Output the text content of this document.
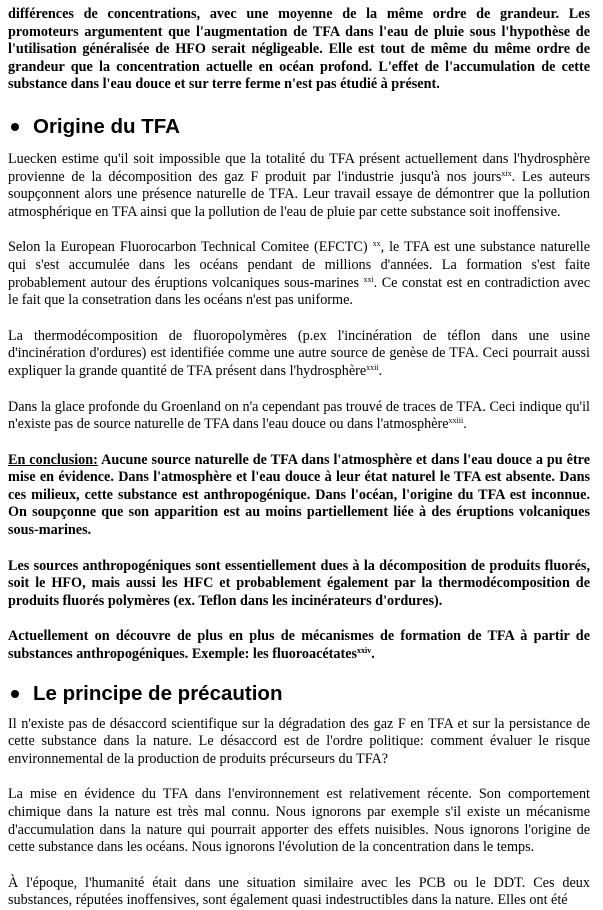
différences de concentrations, avec une moyenne de la même ordre de grandeur. Les promoteurs argumentent que l'augmentation de TFA dans l'eau de pluie sous l'hypothèse de l'utilisation généralisée de HFO serait négligeable. Elle est tout de même du même ordre de grandeur que la concentration actuelle en océan profond. L'effet de l'accumulation de cette substance dans l'eau douce et sur terre ferme n'est pas étudié à présent.

Origine du TFA

Luecken estime qu'il soit impossible que la totalité du TFA présent actuellement dans l'hydrosphère provienne de la décomposition des gaz F produit par l'industrie jusqu'à nos jours$^{xix}$. Les auteurs soupçonnent alors une présence naturelle de TFA. Leur travail essaye de démontrer que la pollution atmosphérique en TFA ainsi que la pollution de l'eau de pluie par cette substance soit inoffensive.

Selon la European Fluorocarbon Technical Comitee (EFCTC) $^{xx}$, le TFA est une substance naturelle qui s'est accumulée dans les océans pendant de millions d'années. La formation s'est faite probablement autour des éruptions volcaniques sous-marines $^{xxi}$. Ce constat est en contradiction avec le fait que la consetration dans les océans n'est pas uniforme.

La thermodécomposition de fluoropolymères (p.ex l'incinération de téflon dans une usine d'incinération d'ordures) est identifiée comme une autre source de genèse de TFA. Ceci pourrait aussi expliquer la grande quantité de TFA présent dans l'hydrosphère$^{xxii}$.

Dans la glace profonde du Groenland on n'a cependant pas trouvé de traces de TFA. Ceci indique qu'il n'existe pas de source naturelle de TFA dans l'eau douce ou dans l'atmosphère$^{xxiii}$.

En conclusion: Aucune source naturelle de TFA dans l'atmosphère et dans l'eau douce a pu être mise en évidence. Dans l'atmosphère et l'eau douce à leur état naturel le TFA est absente. Dans ces milieux, cette substance est anthropogénique. Dans l'océan, l'origine du TFA est inconnue. On soupçonne que son apparition est au moins partiellement liée à des éruptions volcaniques sous-marines.

Les sources anthropogéniques sont essentiellement dues à la décomposition de produits fluorés, soit le HFO, mais aussi les HFC et probablement également par la thermodécomposition de produits fluorés polymères (ex. Teflon dans les incinérateurs d'ordures).

Actuellement on découvre de plus en plus de mécanismes de formation de TFA à partir de substances anthropogéniques. Exemple: les fluoroacétates$^{xxiv}$.

Le principe de précaution

Il n'existe pas de désaccord scientifique sur la dégradation des gaz F en TFA et sur la persistance de cette substance dans la nature. Le désaccord est de l'ordre politique: comment évaluer le risque environnemental de la production de produits précurseurs du TFA?

La mise en évidence du TFA dans l'environnement est relativement récente. Son comportement chimique dans la nature est très mal connu. Nous ignorons par exemple s'il existe un mécanisme d'accumulation dans la nature qui pourrait apporter des effets nuisibles. Nous ignorons l'origine de cette substance dans les océans. Nous ignorons l'évolution de la concentration dans le temps.

À l'époque, l'humanité était dans une situation similaire avec les PCB ou le DDT. Ces deux substances, réputées inoffensives, sont également quasi indestructibles dans la nature. Elles ont été
